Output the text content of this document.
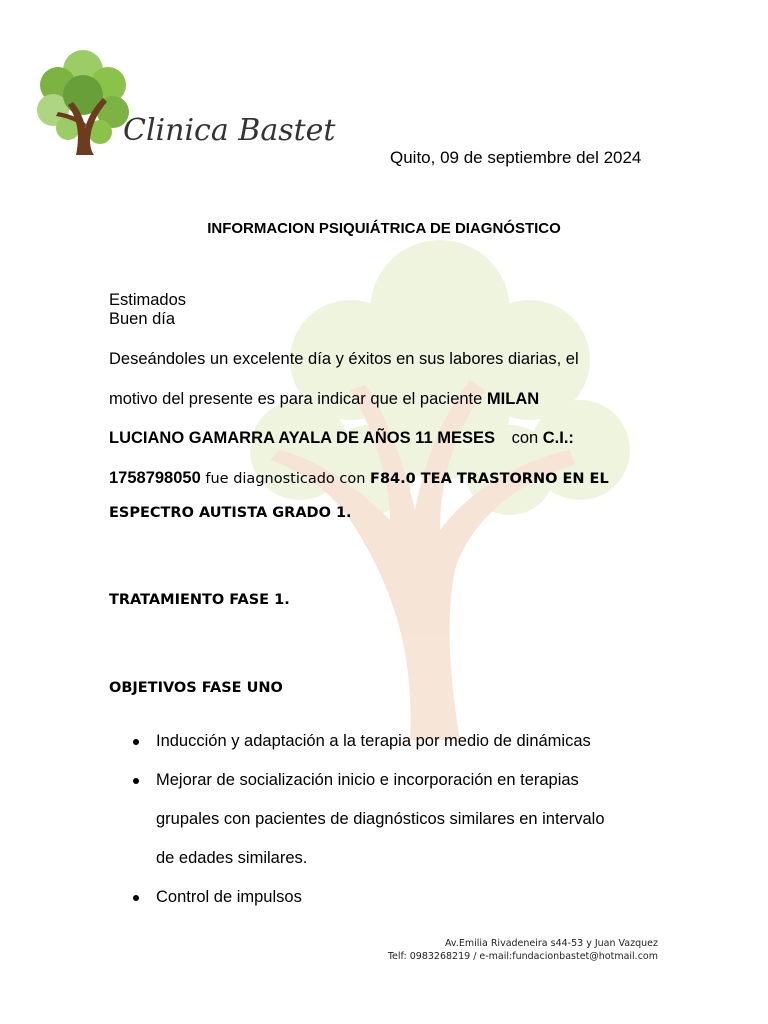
Clinica Bastet
Quito, 09 de septiembre del 2024
INFORMACION PSIQUIÁTRICA DE DIAGNÓSTICO
Estimados
Buen día
Deseándoles un excelente día y éxitos en sus labores diarias, el
motivo del presente es para indicar que el paciente MILAN
LUCIANO GAMARRA AYALA DE AÑOS 11 MESES con C.I.:
1758798050 fue diagnosticado con F84.0 TEA TRASTORNO EN EL
ESPECTRO AUTISTA GRADO 1.
TRATAMIENTO FASE 1.
OBJETIVOS FASE UNO
Inducción y adaptación a la terapia por medio de dinámicas
Mejorar de socialización inicio e incorporación en terapias
grupales con pacientes de diagnósticos similares en intervalo
de edades similares.
Control de impulsos
Av.Emilia Rivadeneira s44-53 y Juan Vazquez
Telf: 0983268219 / e-mail:fundacionbastet@hotmail.com
